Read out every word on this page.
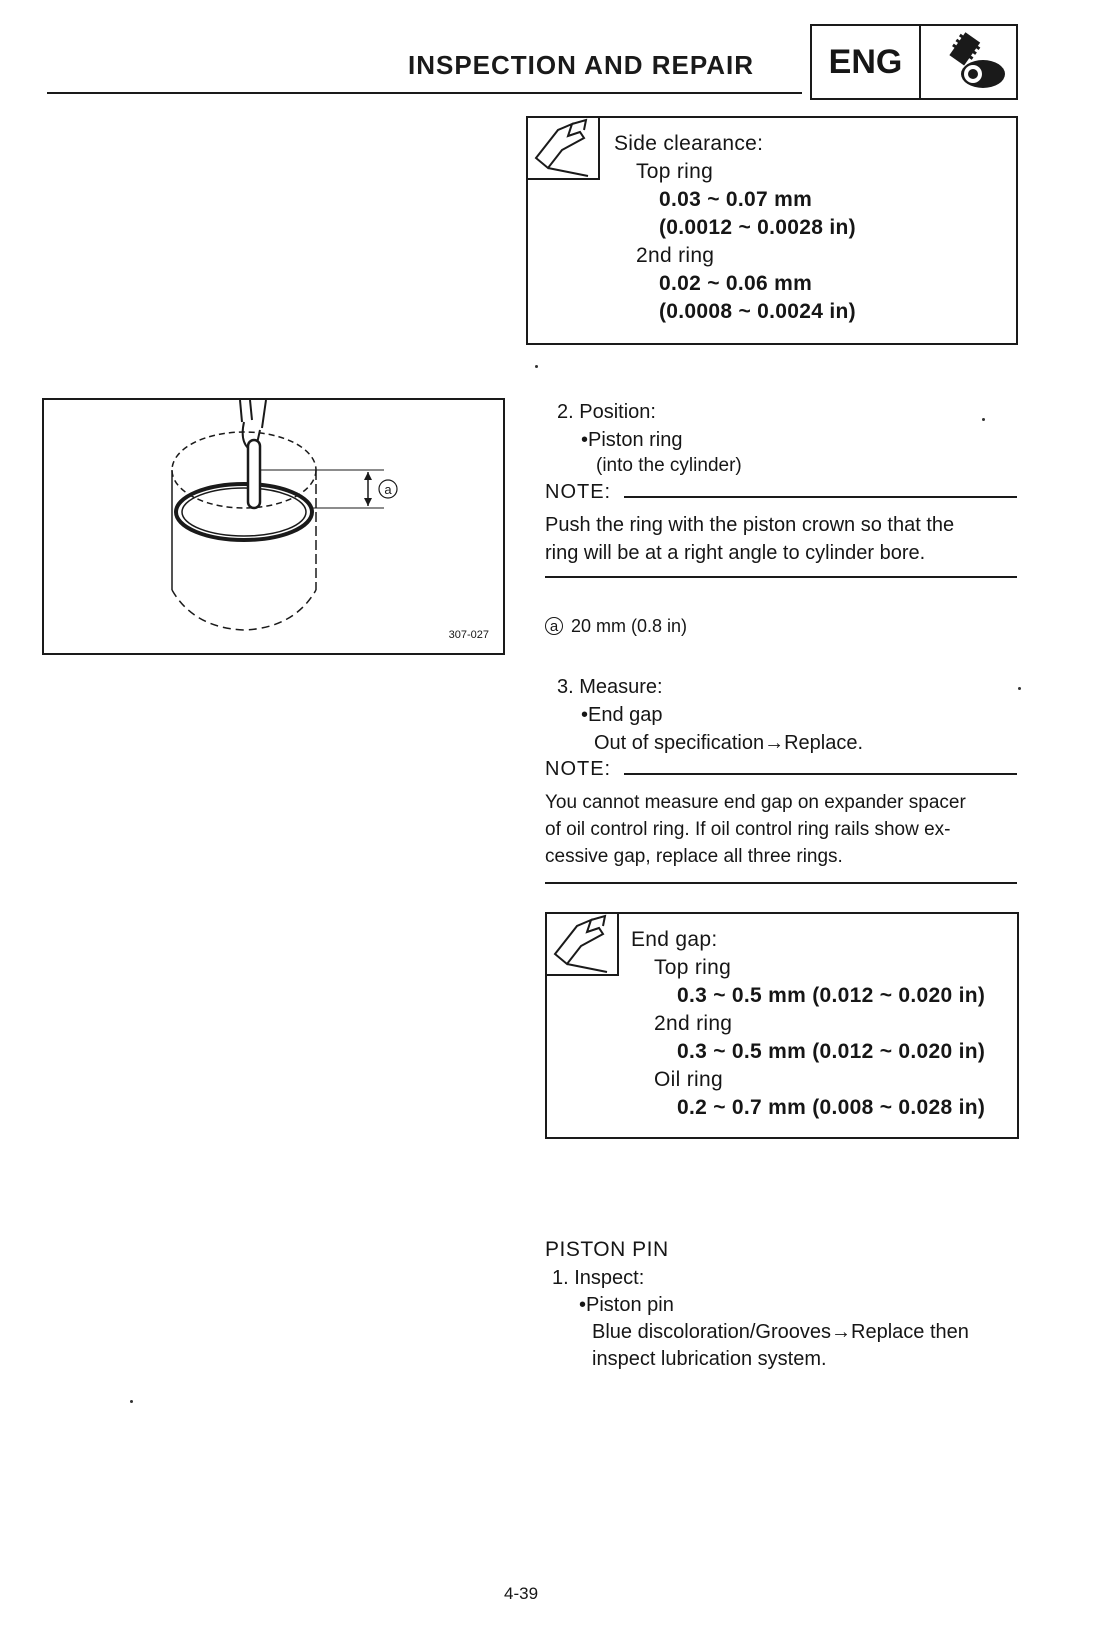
INSPECTION AND REPAIR	ENG
Side clearance:
Top ring
0.03 ~ 0.07 mm
(0.0012 ~ 0.0028 in)
2nd ring
0.02 ~ 0.06 mm
(0.0008 ~ 0.0024 in)
a
307-027
2. Position:
•Piston ring
(into the cylinder)
NOTE:
Push the ring with the piston crown so that the
ring will be at a right angle to cylinder bore.
a 20 mm (0.8 in)
3. Measure:
•End gap
Out of specification→Replace.
NOTE:
You cannot measure end gap on expander spacer
of oil control ring. If oil control ring rails show ex-
cessive gap, replace all three rings.
End gap:
Top ring
0.3 ~ 0.5 mm (0.012 ~ 0.020 in)
2nd ring
0.3 ~ 0.5 mm (0.012 ~ 0.020 in)
Oil ring
0.2 ~ 0.7 mm (0.008 ~ 0.028 in)
PISTON PIN
1. Inspect:
•Piston pin
Blue discoloration/Grooves→Replace then
inspect lubrication system.
4-39
